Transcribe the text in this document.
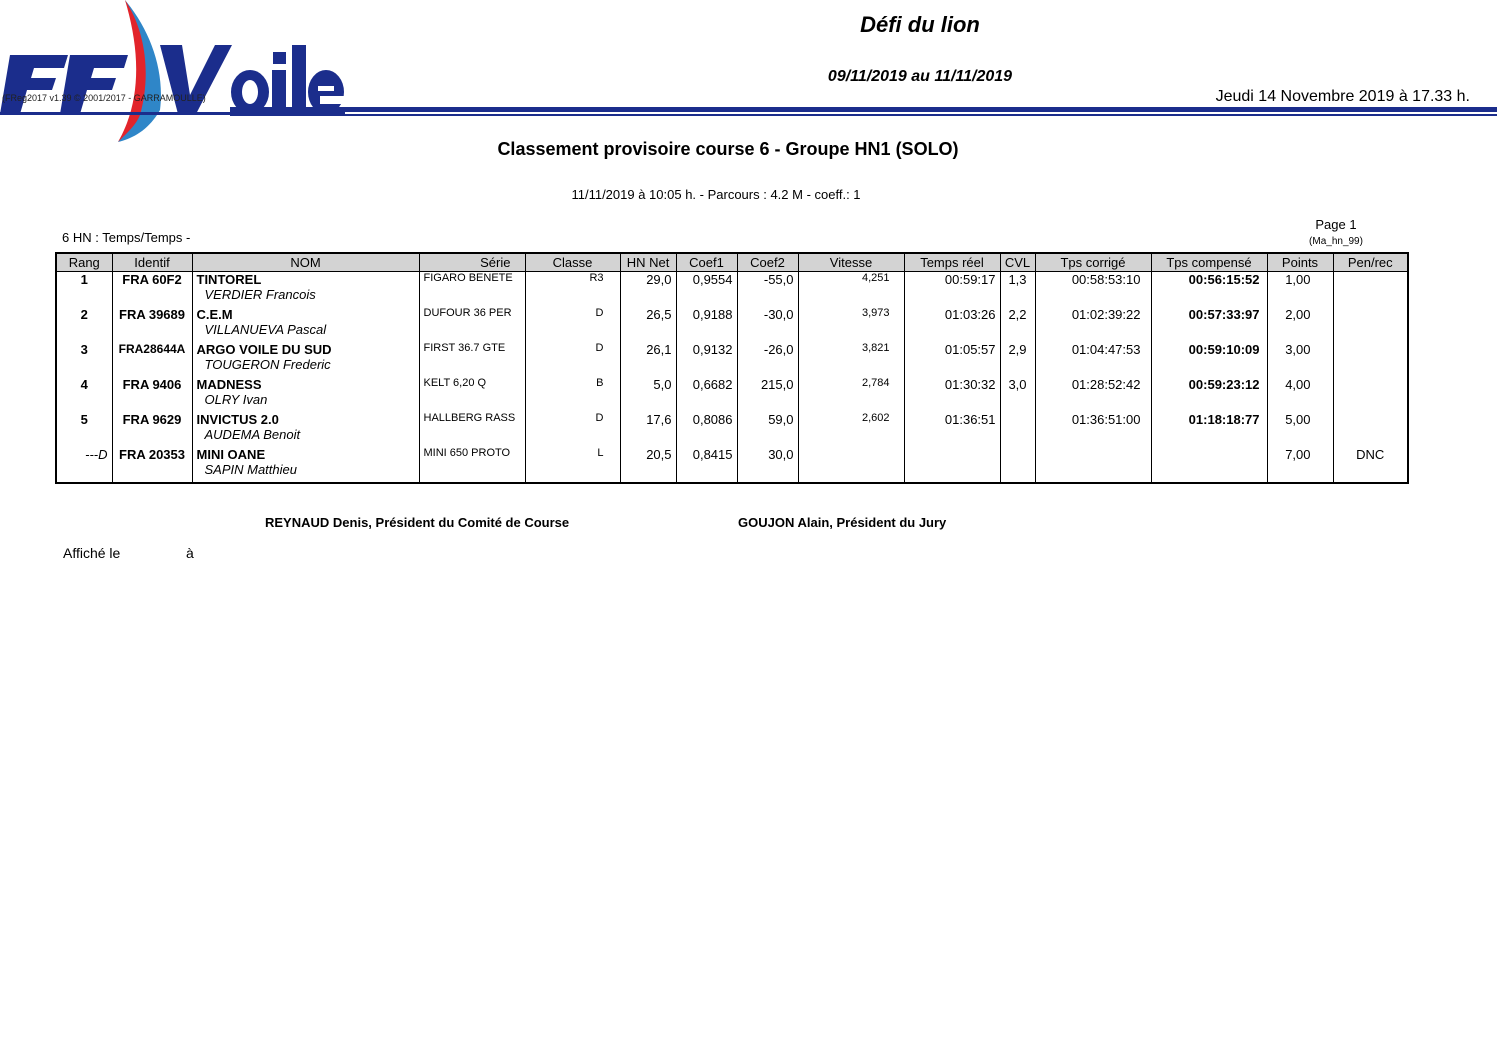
(FReg2017 v1.39 © 2001/2017 - GARRAMOULLE)
Défi du lion
09/11/2019 au 11/11/2019
Jeudi 14 Novembre 2019 à 17.33 h.
Classement provisoire course 6 - Groupe HN1 (SOLO)
11/11/2019 à 10:05 h. - Parcours : 4.2 M - coeff.: 1
6 HN : Temps/Temps -
Page 1
(Ma_hn_99)
Rang	Identif	NOM	Série	Classe	HN Net	Coef1	Coef2	Vitesse	Temps réel	CVL	Tps corrigé	Tps compensé	Points	Pen/rec
1	FRA 60F2	TINTOREL
VERDIER Francois	FIGARO BENETE	R3	29,0	0,9554	-55,0	4,251	00:59:17	1,3	00:58:53:10	00:56:15:52	1,00	
2	FRA 39689	C.E.M
VILLANUEVA Pascal	DUFOUR 36 PER	D	26,5	0,9188	-30,0	3,973	01:03:26	2,2	01:02:39:22	00:57:33:97	2,00	
3	FRA28644A	ARGO VOILE DU SUD
TOUGERON Frederic	FIRST 36.7 GTE	D	26,1	0,9132	-26,0	3,821	01:05:57	2,9	01:04:47:53	00:59:10:09	3,00	
4	FRA 9406	MADNESS
OLRY Ivan	KELT 6,20 Q	B	5,0	0,6682	215,0	2,784	01:30:32	3,0	01:28:52:42	00:59:23:12	4,00	
5	FRA 9629	INVICTUS 2.0
AUDEMA Benoit	HALLBERG RASS	D	17,6	0,8086	59,0	2,602	01:36:51		01:36:51:00	01:18:18:77	5,00	
---D	FRA 20353	MINI OANE
SAPIN Matthieu	MINI 650 PROTO	L	20,5	0,8415	30,0						7,00	DNC
REYNAUD Denis, Président du Comité de Course	GOUJON Alain, Président du Jury
Affiché le	à
